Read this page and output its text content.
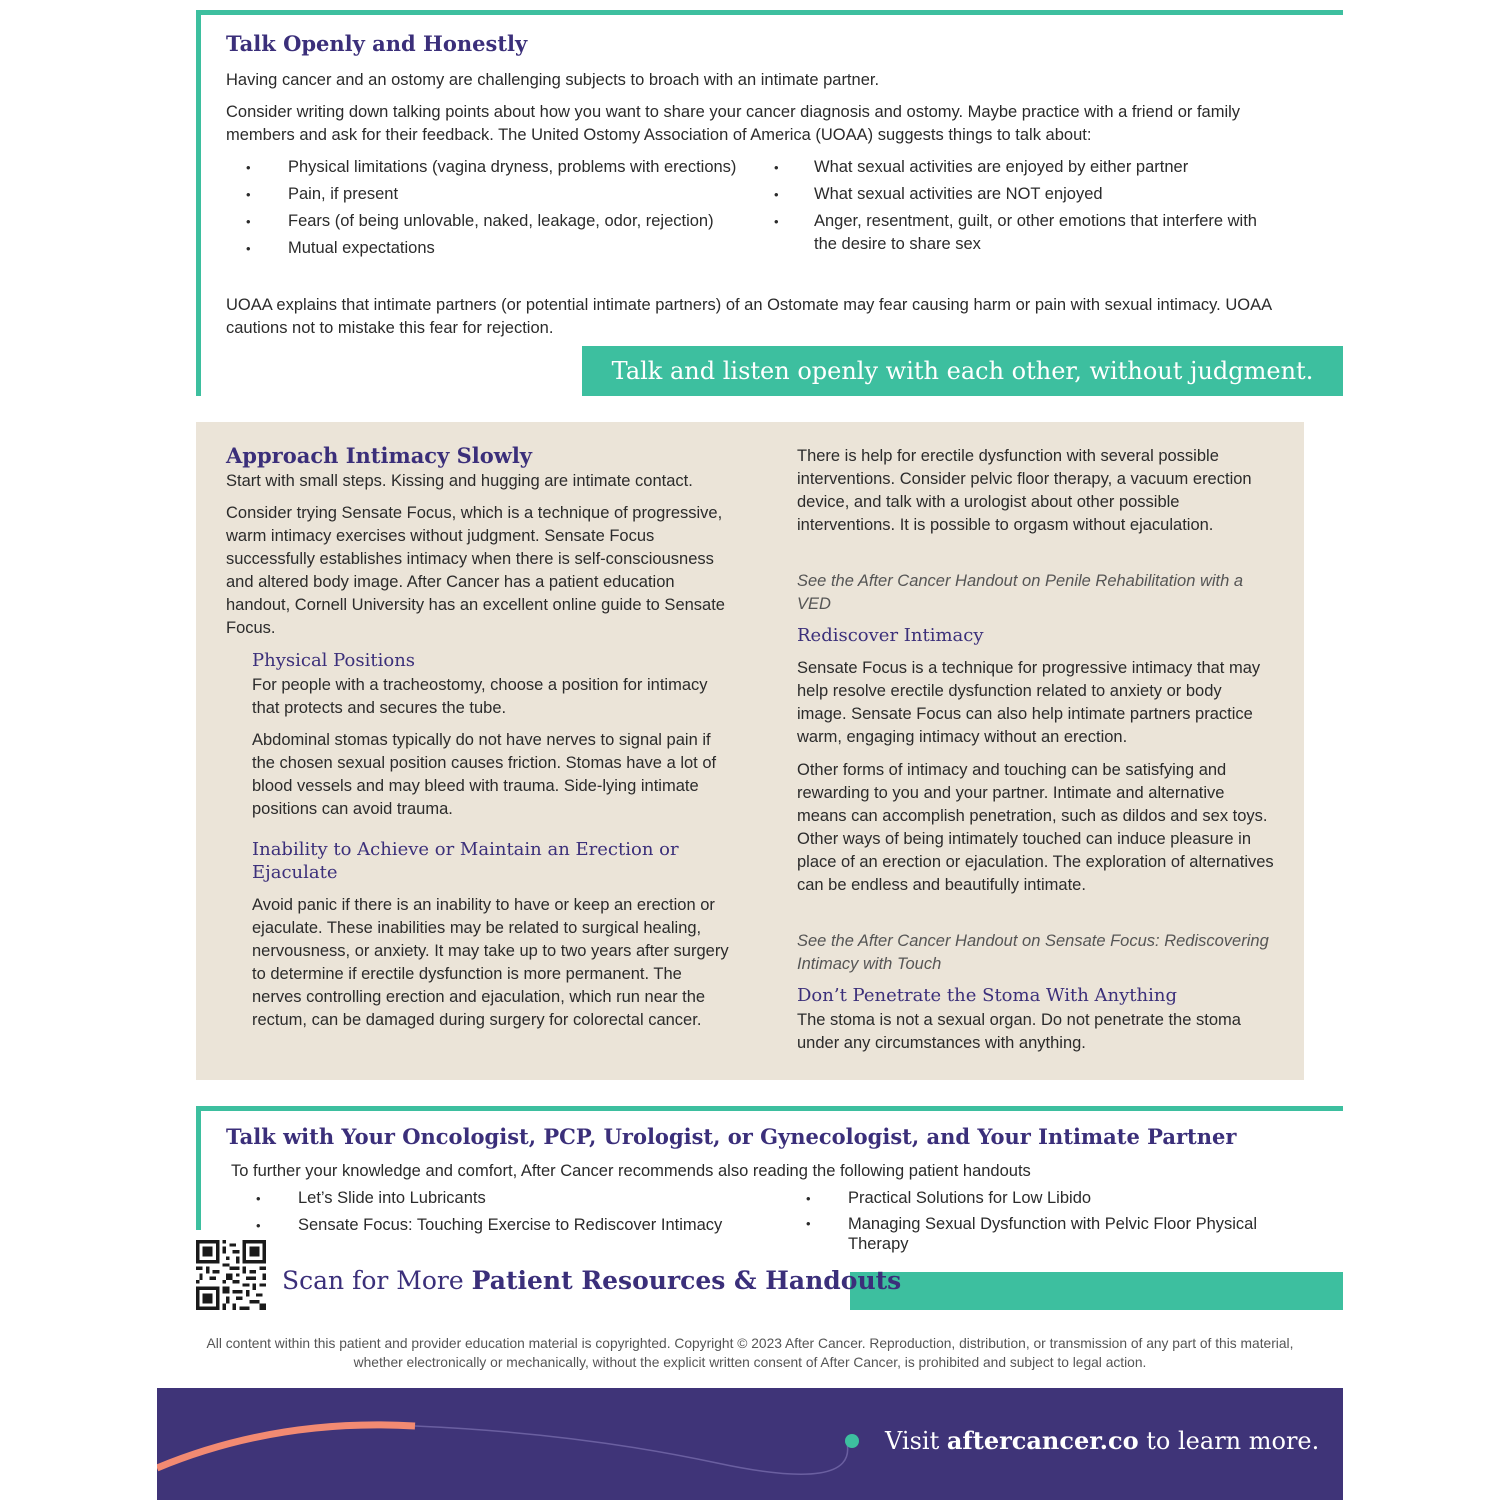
Talk Openly and Honestly

Having cancer and an ostomy are challenging subjects to broach with an intimate partner.

Consider writing down talking points about how you want to share your cancer diagnosis and ostomy. Maybe practice with a friend or family members and ask for their feedback. The United Ostomy Association of America (UOAA) suggests things to talk about:

• Physical limitations (vagina dryness, problems with erections)
• Pain, if present
• Fears (of being unlovable, naked, leakage, odor, rejection)
• Mutual expectations
• What sexual activities are enjoyed by either partner
• What sexual activities are NOT enjoyed
• Anger, resentment, guilt, or other emotions that interfere with the desire to share sex

UOAA explains that intimate partners (or potential intimate partners) of an Ostomate may fear causing harm or pain with sexual intimacy. UOAA cautions not to mistake this fear for rejection.

Talk and listen openly with each other, without judgment.
Approach Intimacy Slowly

Start with small steps. Kissing and hugging are intimate contact.

Consider trying Sensate Focus, which is a technique of progressive, warm intimacy exercises without judgment. Sensate Focus successfully establishes intimacy when there is self-consciousness and altered body image. After Cancer has a patient education handout, Cornell University has an excellent online guide to Sensate Focus.

Physical Positions

For people with a tracheostomy, choose a position for intimacy that protects and secures the tube.

Abdominal stomas typically do not have nerves to signal pain if the chosen sexual position causes friction. Stomas have a lot of blood vessels and may bleed with trauma. Side-lying intimate positions can avoid trauma.

Inability to Achieve or Maintain an Erection or Ejaculate

Avoid panic if there is an inability to have or keep an erection or ejaculate. These inabilities may be related to surgical healing, nervousness, or anxiety. It may take up to two years after surgery to determine if erectile dysfunction is more permanent. The nerves controlling erection and ejaculation, which run near the rectum, can be damaged during surgery for colorectal cancer.

There is help for erectile dysfunction with several possible interventions. Consider pelvic floor therapy, a vacuum erection device, and talk with a urologist about other possible interventions. It is possible to orgasm without ejaculation.

See the After Cancer Handout on Penile Rehabilitation with a VED

Rediscover Intimacy

Sensate Focus is a technique for progressive intimacy that may help resolve erectile dysfunction related to anxiety or body image. Sensate Focus can also help intimate partners practice warm, engaging intimacy without an erection.

Other forms of intimacy and touching can be satisfying and rewarding to you and your partner. Intimate and alternative means can accomplish penetration, such as dildos and sex toys. Other ways of being intimately touched can induce pleasure in place of an erection or ejaculation. The exploration of alternatives can be endless and beautifully intimate.

See the After Cancer Handout on Sensate Focus: Rediscovering Intimacy with Touch

Don’t Penetrate the Stoma With Anything

The stoma is not a sexual organ. Do not penetrate the stoma under any circumstances with anything.

Talk with Your Oncologist, PCP, Urologist, or Gynecologist, and Your Intimate Partner

To further your knowledge and comfort, After Cancer recommends also reading the following patient handouts

• Let’s Slide into Lubricants
• Sensate Focus: Touching Exercise to Rediscover Intimacy
• Practical Solutions for Low Libido
• Managing Sexual Dysfunction with Pelvic Floor Physical Therapy
Scan for More Patient Resources & Handouts

All content within this patient and provider education material is copyrighted. Copyright © 2023 After Cancer. Reproduction, distribution, or transmission of any part of this material, whether electronically or mechanically, without the explicit written consent of After Cancer, is prohibited and subject to legal action.

Visit aftercancer.co to learn more.
